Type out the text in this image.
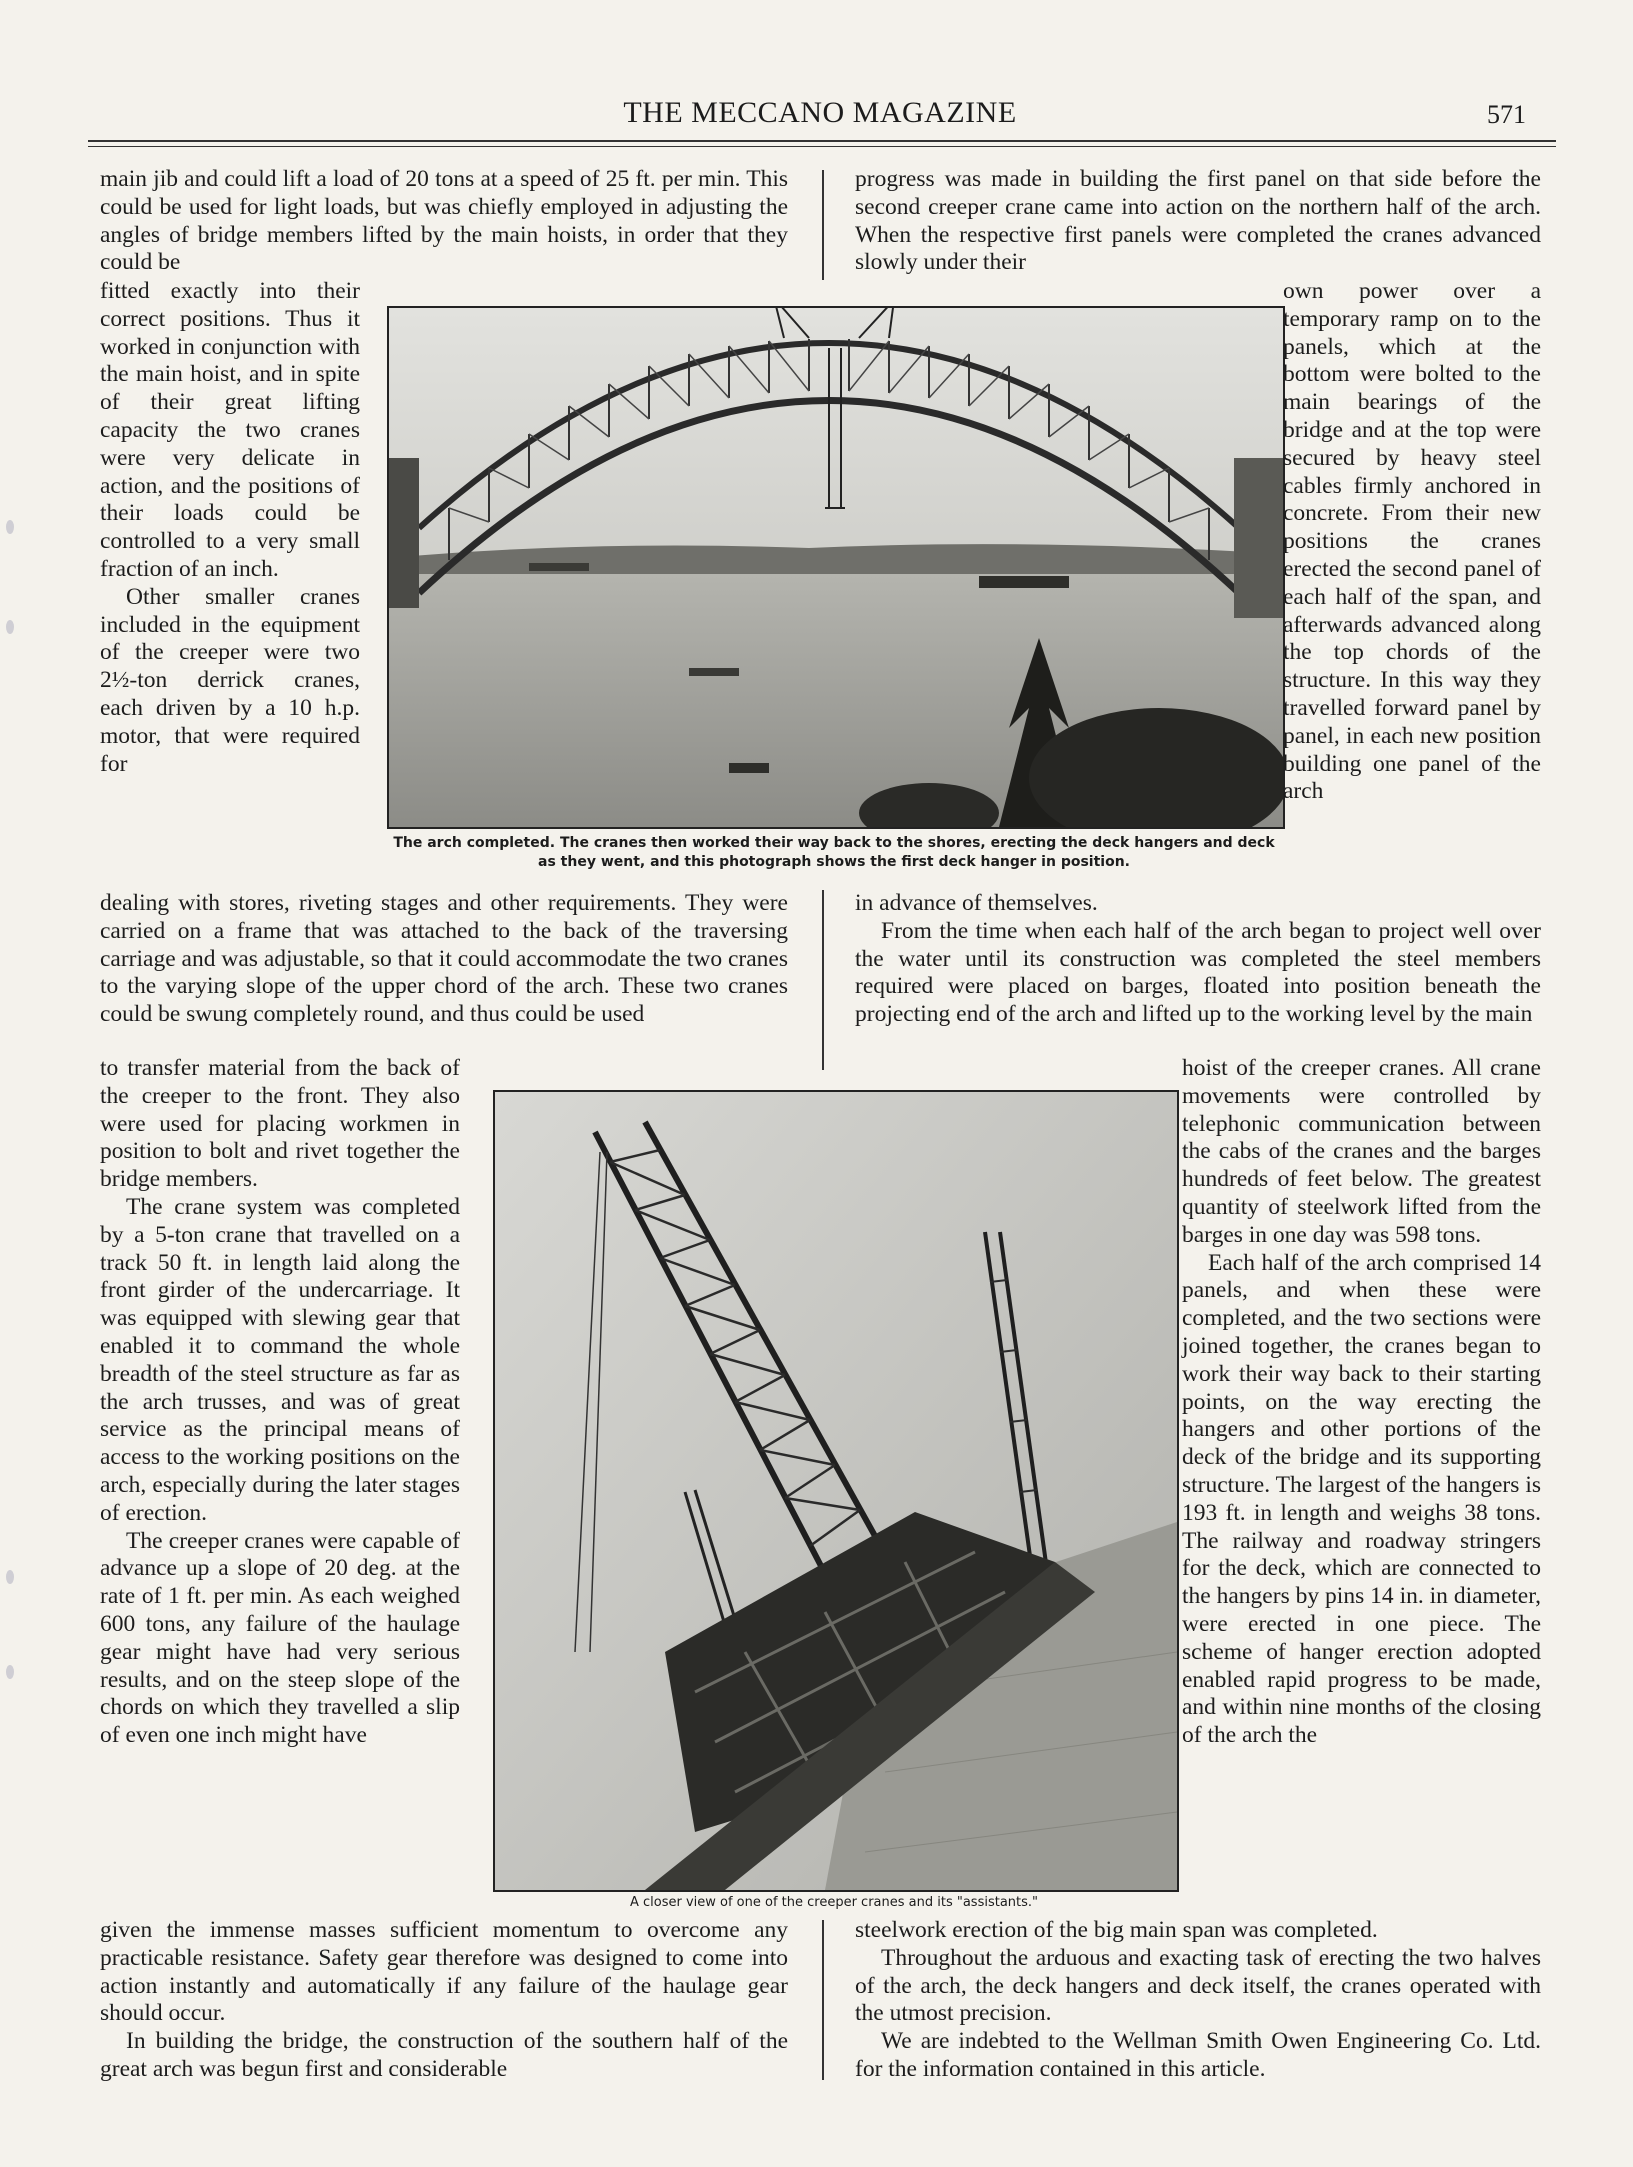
THE MECCANO MAGAZINE	571

main jib and could lift a load of 20 tons at a speed of 25 ft. per min. This could be used for light loads, but was chiefly employed in adjusting the angles of bridge members lifted by the main hoists, in order that they could be

fitted exactly into their correct positions. Thus it worked in conjunction with the main hoist, and in spite of their great lifting capacity the two cranes were very delicate in action, and the positions of their loads could be controlled to a very small fraction of an inch.

Other smaller cranes included in the equipment of the creeper were two 2½-ton derrick cranes, each driven by a 10 h.p. motor, that were required for

The arch completed. The cranes then worked their way back to the shores, erecting the deck hangers and deck as they went, and this photograph shows the first deck hanger in position.

progress was made in building the first panel on that side before the second creeper crane came into action on the northern half of the arch. When the respective first panels were completed the cranes advanced slowly under their

own power over a temporary ramp on to the panels, which at the bottom were bolted to the main bearings of the bridge and at the top were secured by heavy steel cables firmly anchored in concrete. From their new positions the cranes erected the second panel of each half of the span, and afterwards advanced along the top chords of the structure. In this way they travelled forward panel by panel, in each new position building one panel of the arch

dealing with stores, riveting stages and other requirements. They were carried on a frame that was attached to the back of the traversing carriage and was adjustable, so that it could accommodate the two cranes to the varying slope of the upper chord of the arch. These two cranes could be swung completely round, and thus could be used

in advance of themselves.

From the time when each half of the arch began to project well over the water until its construction was completed the steel members required were placed on barges, floated into position beneath the projecting end of the arch and lifted up to the working level by the main

to transfer material from the back of the creeper to the front. They also were used for placing workmen in position to bolt and rivet together the bridge members.

The crane system was completed by a 5-ton crane that travelled on a track 50 ft. in length laid along the front girder of the undercarriage. It was equipped with slewing gear that enabled it to command the whole breadth of the steel structure as far as the arch trusses, and was of great service as the principal means of access to the working positions on the arch, especially during the later stages of erection.

The creeper cranes were capable of advance up a slope of 20 deg. at the rate of 1 ft. per min. As each weighed 600 tons, any failure of the haulage gear might have had very serious results, and on the steep slope of the chords on which they travelled a slip of even one inch might have

A closer view of one of the creeper cranes and its "assistants."

hoist of the creeper cranes. All crane movements were controlled by telephonic communication between the cabs of the cranes and the barges hundreds of feet below. The greatest quantity of steelwork lifted from the barges in one day was 598 tons.

Each half of the arch comprised 14 panels, and when these were completed, and the two sections were joined together, the cranes began to work their way back to their starting points, on the way erecting the hangers and other portions of the deck of the bridge and its supporting structure. The largest of the hangers is 193 ft. in length and weighs 38 tons. The railway and roadway stringers for the deck, which are connected to the hangers by pins 14 in. in diameter, were erected in one piece. The scheme of hanger erection adopted enabled rapid progress to be made, and within nine months of the closing of the arch the

given the immense masses sufficient momentum to overcome any practicable resistance. Safety gear therefore was designed to come into action instantly and automatically if any failure of the haulage gear should occur.

In building the bridge, the construction of the southern half of the great arch was begun first and considerable

steelwork erection of the big main span was completed.

Throughout the arduous and exacting task of erecting the two halves of the arch, the deck hangers and deck itself, the cranes operated with the utmost precision.

We are indebted to the Wellman Smith Owen Engineering Co. Ltd. for the information contained in this article.
